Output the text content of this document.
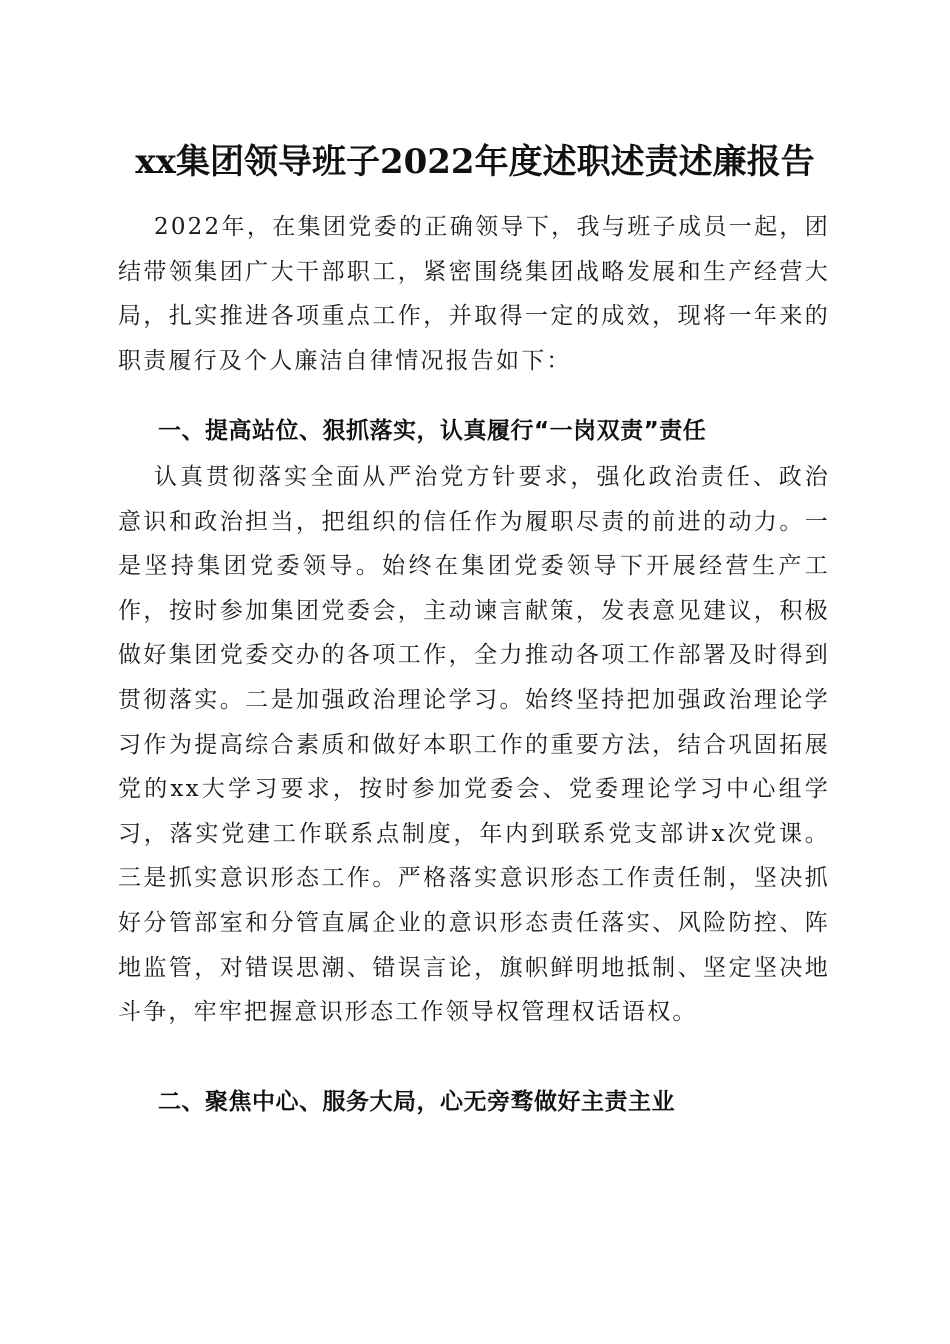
xx集团领导班子2022年度述职述责述廉报告

2022年，在集团党委的正确领导下，我与班子成员一起，团结带领集团广大干部职工，紧密围绕集团战略发展和生产经营大局，扎实推进各项重点工作，并取得一定的成效，现将一年来的职责履行及个人廉洁自律情况报告如下：

一、提高站位、狠抓落实，认真履行“一岗双责”责任

认真贯彻落实全面从严治党方针要求，强化政治责任、政治意识和政治担当，把组织的信任作为履职尽责的前进的动力。一是坚持集团党委领导。始终在集团党委领导下开展经营生产工作，按时参加集团党委会，主动谏言献策，发表意见建议，积极做好集团党委交办的各项工作，全力推动各项工作部署及时得到贯彻落实。二是加强政治理论学习。始终坚持把加强政治理论学习作为提高综合素质和做好本职工作的重要方法，结合巩固拓展党的xx大学习要求，按时参加党委会、党委理论学习中心组学习，落实党建工作联系点制度，年内到联系党支部讲x次党课。三是抓实意识形态工作。严格落实意识形态工作责任制，坚决抓好分管部室和分管直属企业的意识形态责任落实、风险防控、阵地监管，对错误思潮、错误言论，旗帜鲜明地抵制、坚定坚决地斗争，牢牢把握意识形态工作领导权管理权话语权。

二、聚焦中心、服务大局，心无旁骛做好主责主业
